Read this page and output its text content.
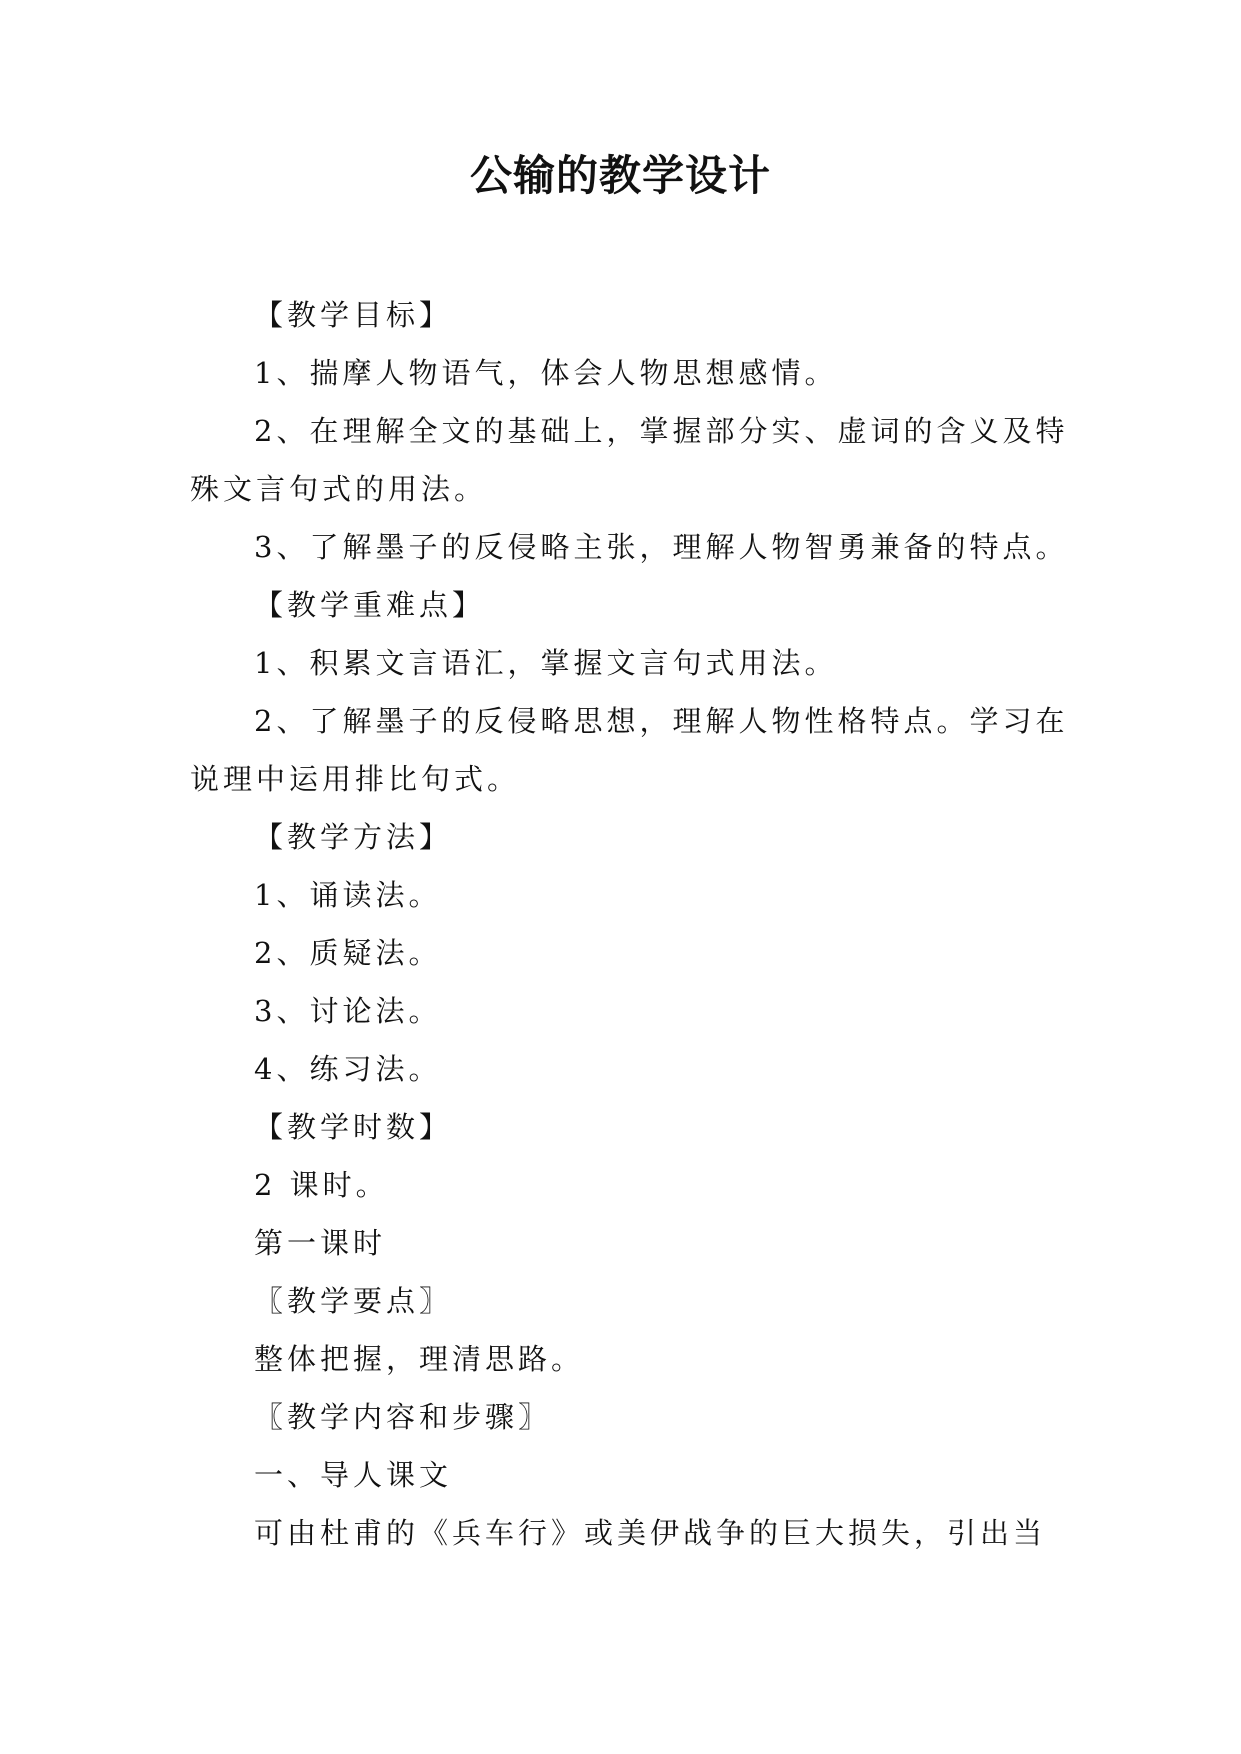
公输的教学设计

【教学目标】

1、揣摩人物语气，体会人物思想感情。

2、在理解全文的基础上，掌握部分实、虚词的含义及特殊文言句式的用法。

3、了解墨子的反侵略主张，理解人物智勇兼备的特点。

【教学重难点】

1、积累文言语汇，掌握文言句式用法。

2、了解墨子的反侵略思想，理解人物性格特点。学习在说理中运用排比句式。

【教学方法】

1、诵读法。

2、质疑法。

3、讨论法。

4、练习法。

【教学时数】

2 课时。

第一课时

〖教学要点〗

整体把握，理清思路。

〖教学内容和步骤〗

一、导人课文

可由杜甫的《兵车行》或美伊战争的巨大损失，引出当
